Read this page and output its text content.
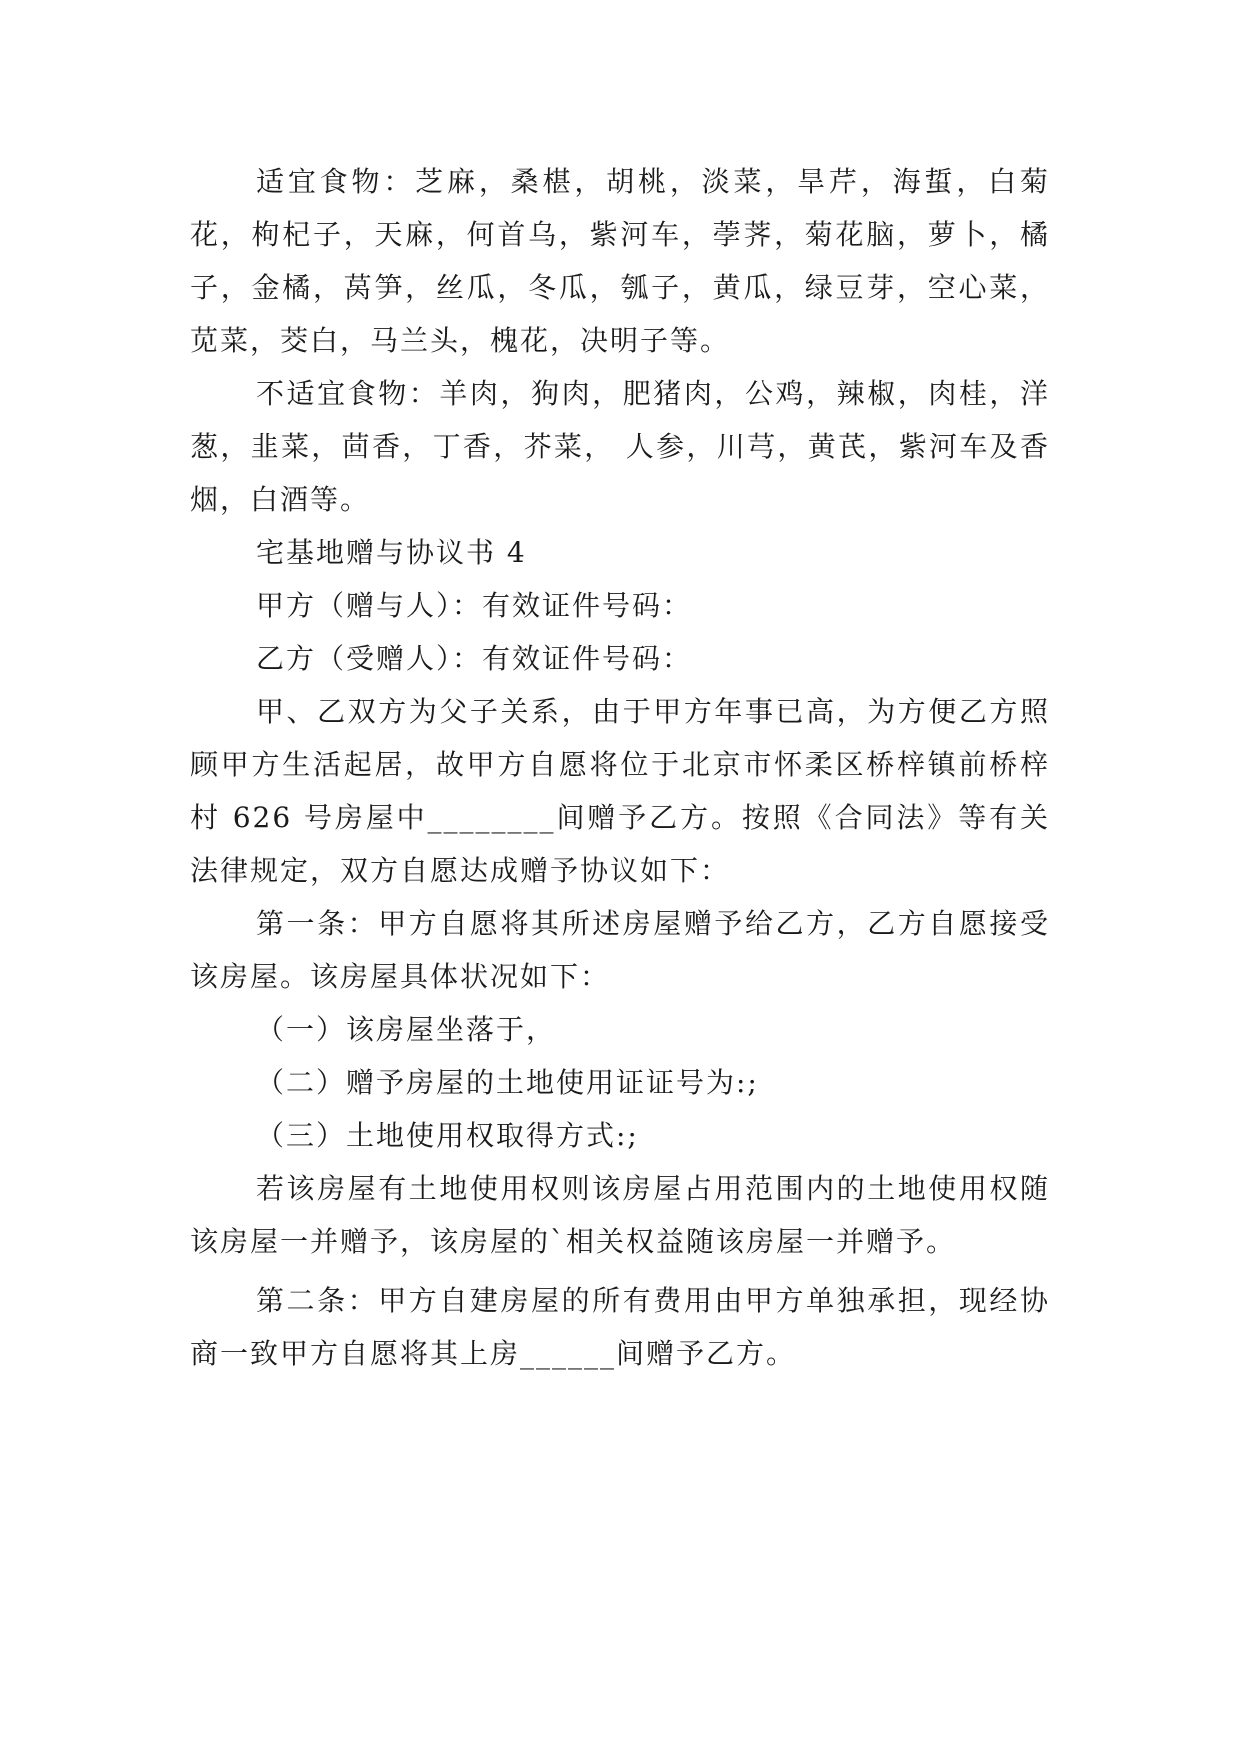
适宜食物：芝麻，桑椹，胡桃，淡菜，旱芹，海蜇，白菊花，枸杞子，天麻，何首乌，紫河车，荸荠，菊花脑，萝卜，橘子，金橘，莴笋，丝瓜，冬瓜，瓠子，黄瓜，绿豆芽，空心菜，苋菜，茭白，马兰头，槐花，决明子等。

不适宜食物：羊肉，狗肉，肥猪肉，公鸡，辣椒，肉桂，洋葱，韭菜，茴香，丁香，芥菜， 人参，川芎，黄芪，紫河车及香烟，白酒等。

宅基地赠与协议书 4

甲方（赠与人）：有效证件号码：

乙方（受赠人）：有效证件号码：

甲、乙双方为父子关系，由于甲方年事已高，为方便乙方照顾甲方生活起居，故甲方自愿将位于北京市怀柔区桥梓镇前桥梓村 626 号房屋中________间赠予乙方。按照《合同法》等有关法律规定，双方自愿达成赠予协议如下：

第一条：甲方自愿将其所述房屋赠予给乙方，乙方自愿接受该房屋。该房屋具体状况如下：

（一）该房屋坐落于，

（二）赠予房屋的土地使用证证号为:;

（三）土地使用权取得方式:;

若该房屋有土地使用权则该房屋占用范围内的土地使用权随该房屋一并赠予，该房屋的`相关权益随该房屋一并赠予。

第二条：甲方自建房屋的所有费用由甲方单独承担，现经协商一致甲方自愿将其上房______间赠予乙方。
